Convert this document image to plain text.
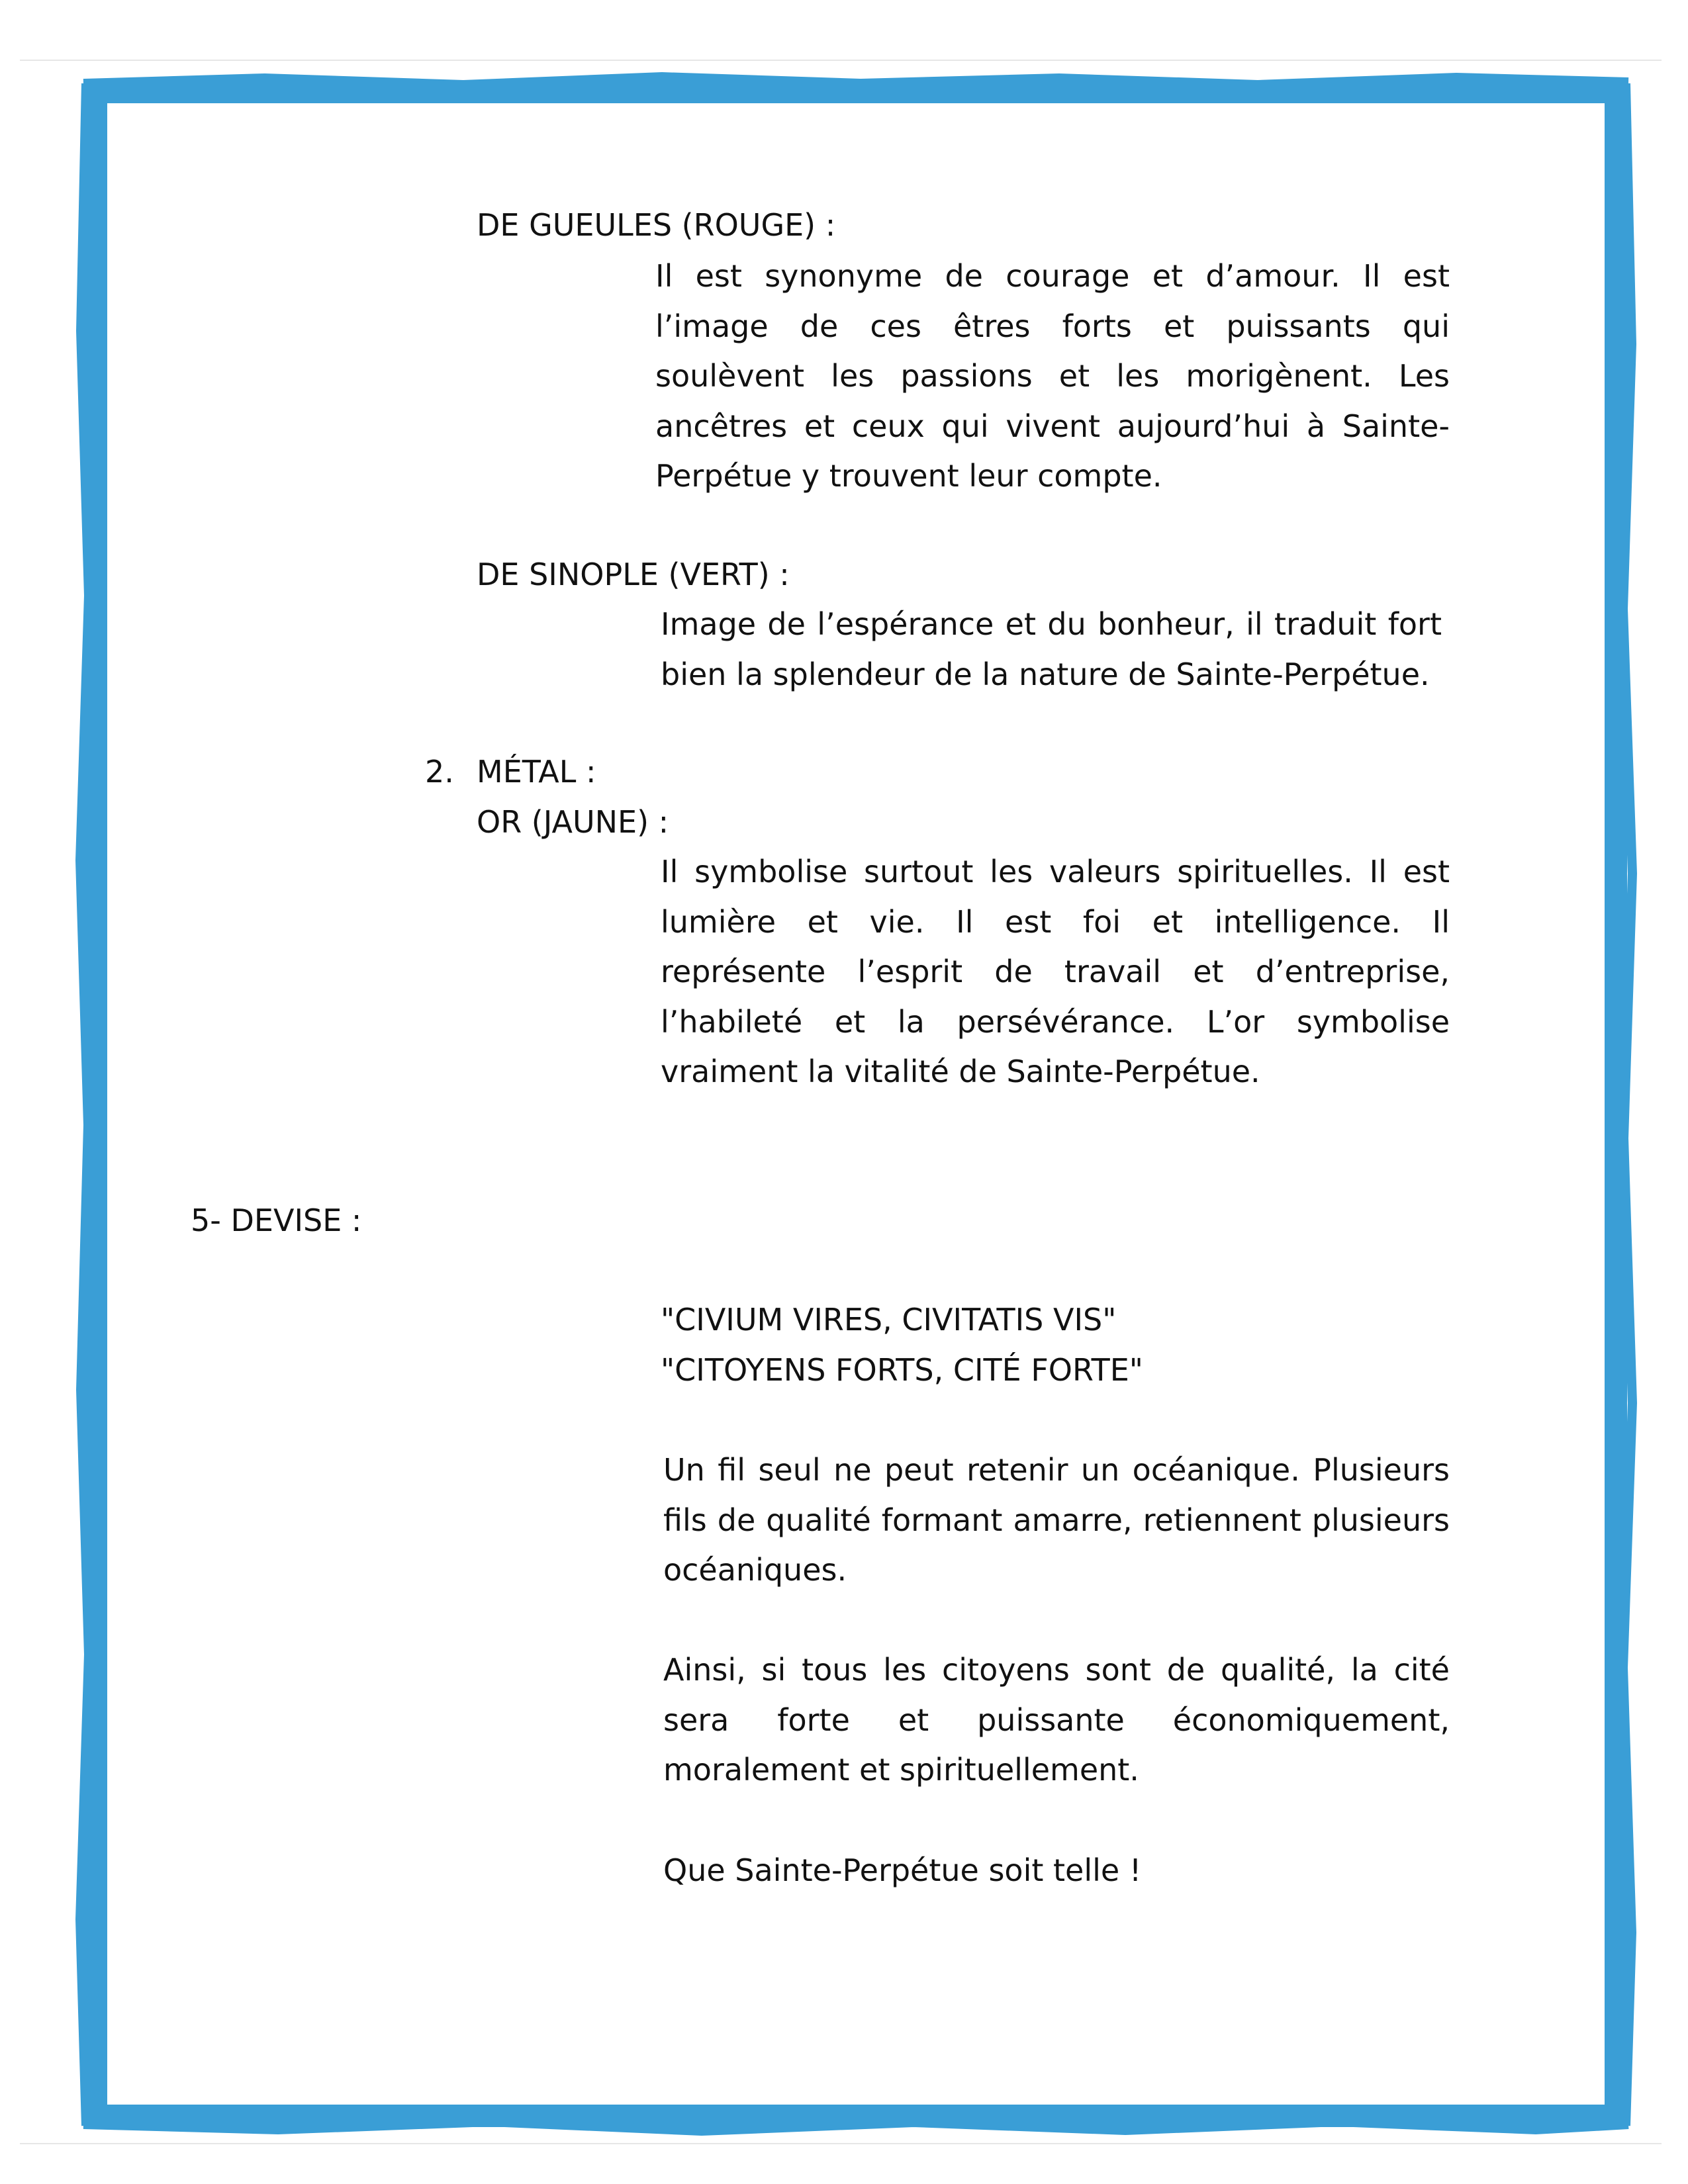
DE GUEULES (ROUGE) :
Il est synonyme de courage et d’amour. Il est l’image de ces êtres forts et puissants qui soulèvent les passions et les morigènent. Les ancêtres et ceux qui vivent aujourd’hui à Sainte-Perpétue y trouvent leur compte.
DE SINOPLE (VERT) :
Image de l’espérance et du bonheur, il traduit fort bien la splendeur de la nature de Sainte-Perpétue.
2. MÉTAL :
OR (JAUNE) :
Il symbolise surtout les valeurs spirituelles. Il est lumière et vie. Il est foi et intelligence. Il représente l’esprit de travail et d’entreprise, l’habileté et la persévérance. L’or symbolise vraiment la vitalité de Sainte-Perpétue.
5- DEVISE :
"CIVIUM VIRES, CIVITATIS VIS"
"CITOYENS FORTS, CITÉ FORTE"
Un fil seul ne peut retenir un océanique. Plusieurs fils de qualité formant amarre, retiennent plusieurs océaniques.
Ainsi, si tous les citoyens sont de qualité, la cité sera forte et puissante économiquement, moralement et spirituellement.
Que Sainte-Perpétue soit telle !
